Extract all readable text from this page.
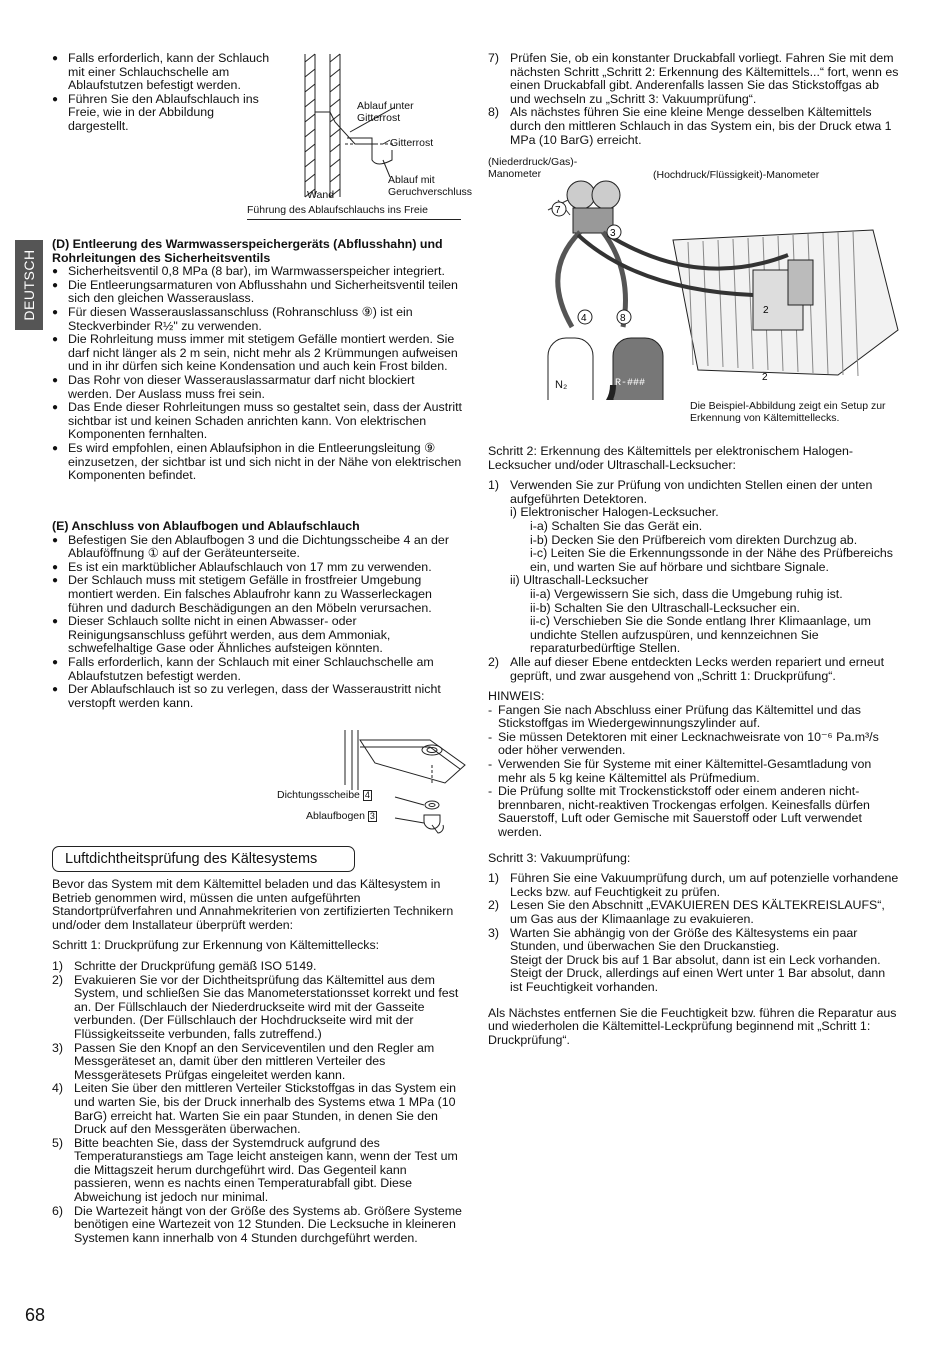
DEUTSCH
● Falls erforderlich, kann der Schlauch mit einer Schlauchschelle am Ablaufstutzen befestigt werden.
● Führen Sie den Ablaufschlauch ins Freie, wie in der Abbildung dargestellt.
Ablauf unter Gitterrost
Gitterrost
Ablauf mit Geruchverschluss
Wand
Führung des Ablaufschlauchs ins Freie
(D) Entleerung des Warmwasserspeichergeräts (Abflusshahn) und Rohrleitungen des Sicherheitsventils
● Sicherheitsventil 0,8 MPa (8 bar), im Warmwasserspeicher integriert.
● Die Entleerungsarmaturen von Abflusshahn und Sicherheitsventil teilen sich den gleichen Wasserauslass.
● Für diesen Wasserauslassanschluss (Rohranschluss ⑨) ist ein Steckverbinder R½" zu verwenden.
● Die Rohrleitung muss immer mit stetigem Gefälle montiert werden. Sie darf nicht länger als 2 m sein, nicht mehr als 2 Krümmungen aufweisen und in ihr dürfen sich keine Kondensation und auch kein Frost bilden.
● Das Rohr von dieser Wasserauslassarmatur darf nicht blockiert werden. Der Auslass muss frei sein.
● Das Ende dieser Rohrleitungen muss so gestaltet sein, dass der Austritt sichtbar ist und keinen Schaden anrichten kann. Von elektrischen Komponenten fernhalten.
● Es wird empfohlen, einen Ablaufsiphon in die Entleerungsleitung ⑨ einzusetzen, der sichtbar ist und sich nicht in der Nähe von elektrischen Komponenten befindet.
(E) Anschluss von Ablaufbogen und Ablaufschlauch
● Befestigen Sie den Ablaufbogen 3 und die Dichtungsscheibe 4 an der Ablauföffnung ① auf der Geräteunterseite.
● Es ist ein marktüblicher Ablaufschlauch von 17 mm zu verwenden.
● Der Schlauch muss mit stetigem Gefälle in frostfreier Umgebung montiert werden. Ein falsches Ablaufrohr kann zu Wasserleckagen führen und dadurch Beschädigungen an den Möbeln verursachen.
● Dieser Schlauch sollte nicht in einen Abwasser- oder Reinigungsanschluss geführt werden, aus dem Ammoniak, schwefelhaltige Gase oder Ähnliches aufsteigen könnten.
● Falls erforderlich, kann der Schlauch mit einer Schlauchschelle am Ablaufstutzen befestigt werden.
● Der Ablaufschlauch ist so zu verlegen, dass der Wasseraustritt nicht verstopft werden kann.
Dichtungsscheibe 4
Ablaufbogen 3
Luftdichtheitsprüfung des Kältesystems
Bevor das System mit dem Kältemittel beladen und das Kältesystem in Betrieb genommen wird, müssen die unten aufgeführten Standortprüfverfahren und Annahmekriterien von zertifizierten Technikern und/oder dem Installateur überprüft werden:
Schritt 1: Druckprüfung zur Erkennung von Kältemittellecks:
1) Schritte der Druckprüfung gemäß ISO 5149.
2) Evakuieren Sie vor der Dichtheitsprüfung das Kältemittel aus dem System, und schließen Sie das Manometerstationsset korrekt und fest an. Der Füllschlauch der Niederdruckseite wird mit der Gasseite verbunden. (Der Füllschlauch der Hochdruckseite wird mit der Flüssigkeitsseite verbunden, falls zutreffend.)
3) Passen Sie den Knopf an den Serviceventilen und den Regler am Messgeräteset an, damit über den mittleren Verteiler des Messgerätesets Prüfgas eingeleitet werden kann.
4) Leiten Sie über den mittleren Verteiler Stickstoffgas in das System ein und warten Sie, bis der Druck innerhalb des Systems etwa 1 MPa (10 BarG) erreicht hat. Warten Sie ein paar Stunden, in denen Sie den Druck auf den Messgeräten überwachen.
5) Bitte beachten Sie, dass der Systemdruck aufgrund des Temperaturanstiegs am Tage leicht ansteigen kann, wenn der Test um die Mittagszeit herum durchgeführt wird. Das Gegenteil kann passieren, wenn es nachts einen Temperaturabfall gibt. Diese Abweichung ist jedoch nur minimal.
6) Die Wartezeit hängt von der Größe des Systems ab. Größere Systeme benötigen eine Wartezeit von 12 Stunden. Die Lecksuche in kleineren Systemen kann innerhalb von 4 Stunden durchgeführt werden.
68
7) Prüfen Sie, ob ein konstanter Druckabfall vorliegt. Fahren Sie mit dem nächsten Schritt „Schritt 2: Erkennung des Kältemittels...“ fort, wenn es einen Druckabfall gibt. Anderenfalls lassen Sie das Stickstoffgas ab und wechseln zu „Schritt 3: Vakuumprüfung“.
8) Als nächstes führen Sie eine kleine Menge desselben Kältemittels durch den mittleren Schlauch in das System ein, bis der Druck etwa 1 MPa (10 BarG) erreicht.
(Niederdruck/Gas)-
Manometer	(Hochdruck/Flüssigkeit)-Manometer
7
3
4	8
2
2
N₂	R-###
Die Beispiel-Abbildung zeigt ein Setup zur Erkennung von Kältemittellecks.
Schritt 2: Erkennung des Kältemittels per elektronischem Halogen-Lecksucher und/oder Ultraschall-Lecksucher:
1) Verwenden Sie zur Prüfung von undichten Stellen einen der unten aufgeführten Detektoren.
i) Elektronischer Halogen-Lecksucher.
i-a) Schalten Sie das Gerät ein.
i-b) Decken Sie den Prüfbereich vom direkten Durchzug ab.
i-c) Leiten Sie die Erkennungssonde in der Nähe des Prüfbereichs ein, und warten Sie auf hörbare und sichtbare Signale.
ii) Ultraschall-Lecksucher
ii-a) Vergewissern Sie sich, dass die Umgebung ruhig ist.
ii-b) Schalten Sie den Ultraschall-Lecksucher ein.
ii-c) Verschieben Sie die Sonde entlang Ihrer Klimaanlage, um undichte Stellen aufzuspüren, und kennzeichnen Sie reparaturbedürftige Stellen.
2) Alle auf dieser Ebene entdeckten Lecks werden repariert und erneut geprüft, und zwar ausgehend von „Schritt 1: Druckprüfung“.
HINWEIS:
- Fangen Sie nach Abschluss einer Prüfung das Kältemittel und das Stickstoffgas im Wiedergewinnungszylinder auf.
- Sie müssen Detektoren mit einer Lecknachweisrate von 10⁻⁶ Pa.m³/s oder höher verwenden.
- Verwenden Sie für Systeme mit einer Kältemittel-Gesamtladung von mehr als 5 kg keine Kältemittel als Prüfmedium.
- Die Prüfung sollte mit Trockenstickstoff oder einem anderen nicht-brennbaren, nicht-reaktiven Trockengas erfolgen. Keinesfalls dürfen Sauerstoff, Luft oder Gemische mit Sauerstoff oder Luft verwendet werden.
Schritt 3: Vakuumprüfung:
1) Führen Sie eine Vakuumprüfung durch, um auf potenzielle vorhandene Lecks bzw. auf Feuchtigkeit zu prüfen.
2) Lesen Sie den Abschnitt „EVAKUIEREN DES KÄLTEKREISLAUFS“, um Gas aus der Klimaanlage zu evakuieren.
3) Warten Sie abhängig von der Größe des Kältesystems ein paar Stunden, und überwachen Sie den Druckanstieg.
Steigt der Druck bis auf 1 Bar absolut, dann ist ein Leck vorhanden.
Steigt der Druck, allerdings auf einen Wert unter 1 Bar absolut, dann ist Feuchtigkeit vorhanden.
Als Nächstes entfernen Sie die Feuchtigkeit bzw. führen die Reparatur aus und wiederholen die Kältemittel-Leckprüfung beginnend mit „Schritt 1: Druckprüfung“.
